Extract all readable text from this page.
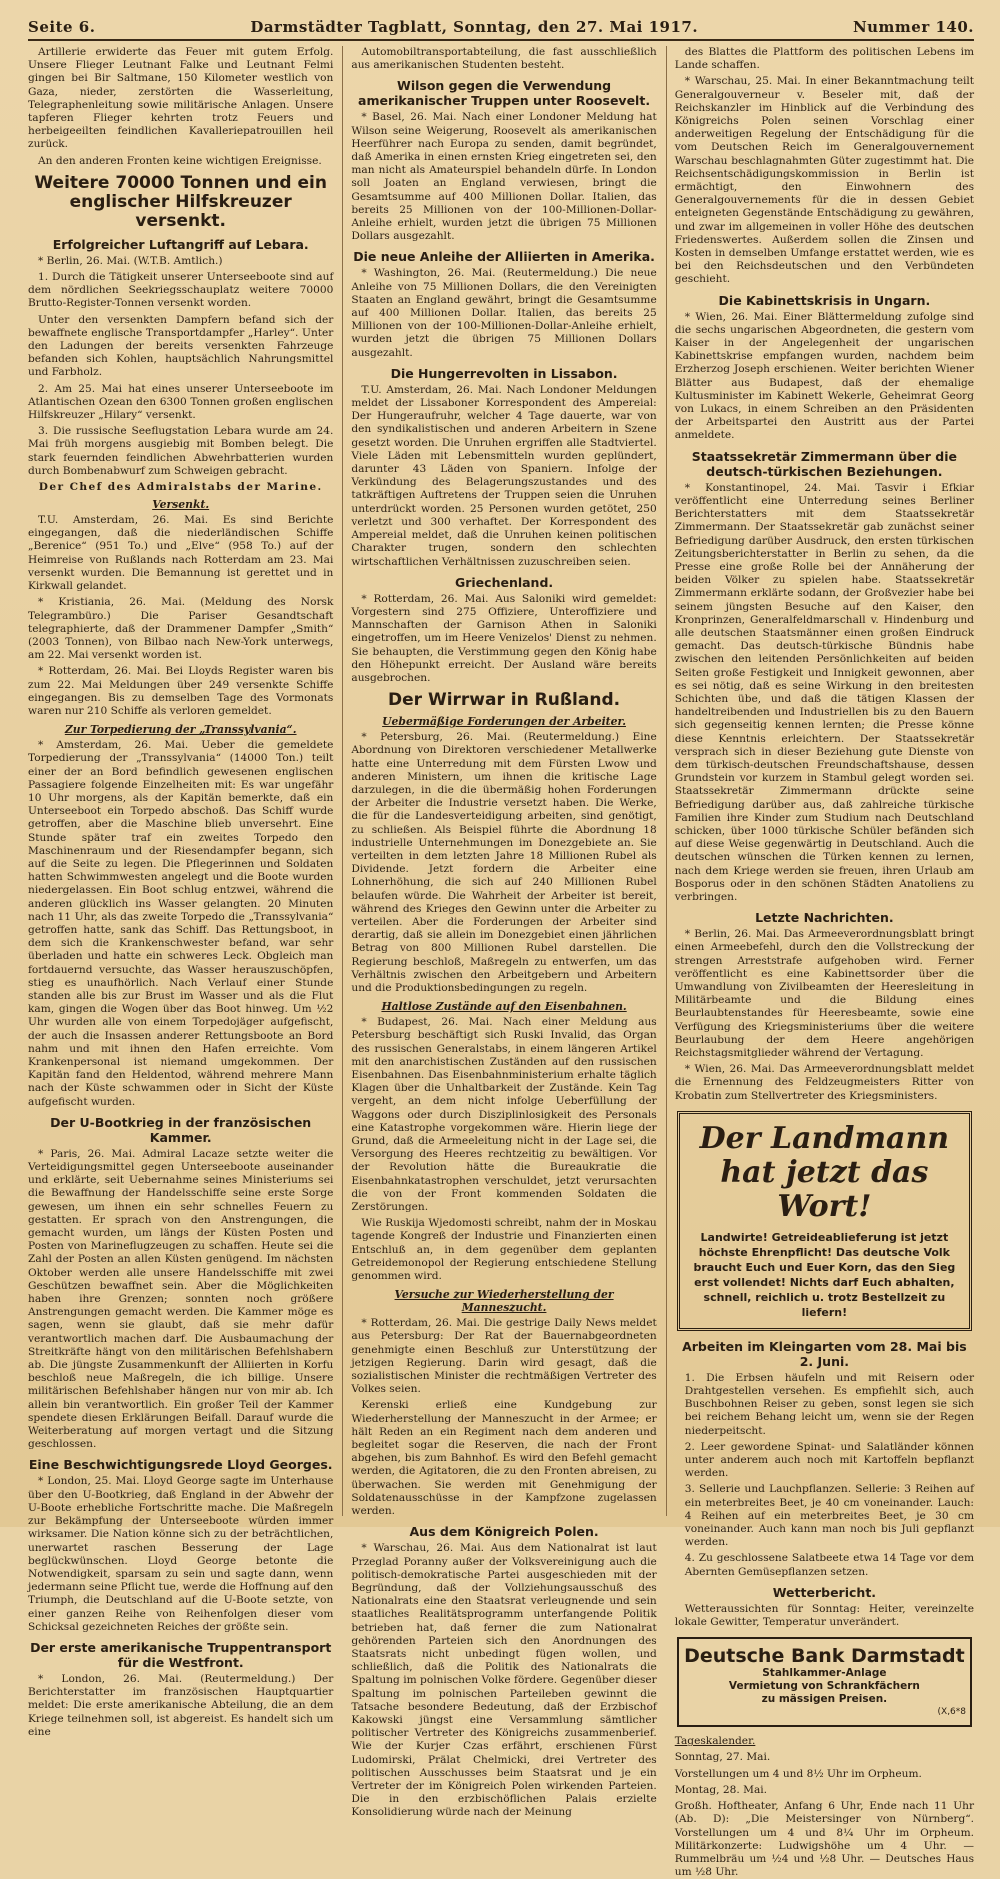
Seite 6.	Darmstädter Tagblatt, Sonntag, den 27. Mai 1917.	Nummer 140.

Artillerie erwiderte das Feuer mit gutem Erfolg. Unsere Flieger Leutnant Falke und Leutnant Felmi gingen bei Bir Saltmane, 150 Kilometer westlich von Gaza, nieder, zerstörten die Wasserleitung, Telegraphenleitung sowie militärische Anlagen. Unsere tapferen Flieger kehrten trotz Feuers und herbeigeeilten feindlichen Kavalleriepatrouillen heil zurück.

An den anderen Fronten keine wichtigen Ereignisse.

Weitere 70000 Tonnen und ein englischer Hilfskreuzer versenkt.
Erfolgreicher Luftangriff auf Lebara.

* Berlin, 26. Mai. (W.T.B. Amtlich.)

1. Durch die Tätigkeit unserer Unterseeboote sind auf dem nördlichen Seekriegsschauplatz weitere 70000 Brutto-Register-Tonnen versenkt worden.

Unter den versenkten Dampfern befand sich der bewaffnete englische Transportdampfer „Harley“. Unter den Ladungen der bereits versenkten Fahrzeuge befanden sich Kohlen, hauptsächlich Nahrungsmittel und Farbholz.

2. Am 25. Mai hat eines unserer Unterseeboote im Atlantischen Ozean den 6300 Tonnen großen englischen Hilfskreuzer „Hilary“ versenkt.

3. Die russische Seeflugstation Lebara wurde am 24. Mai früh morgens ausgiebig mit Bomben belegt. Die stark feuernden feindlichen Abwehrbatterien wurden durch Bombenabwurf zum Schweigen gebracht.

Der Chef des Admiralstabs der Marine.
Versenkt.

T.U. Amsterdam, 26. Mai. Es sind Berichte eingegangen, daß die niederländischen Schiffe „Berenice“ (951 To.) und „Elve“ (958 To.) auf der Heimreise von Rußlands nach Rotterdam am 23. Mai versenkt wurden. Die Bemannung ist gerettet und in Kirkwall gelandet.

* Kristiania, 26. Mai. (Meldung des Norsk Telegrambüro.) Die Pariser Gesandtschaft telegraphierte, daß der Drammener Dampfer „Smith“ (2003 Tonnen), von Bilbao nach New-York unterwegs, am 22. Mai versenkt worden ist.

* Rotterdam, 26. Mai. Bei Lloyds Register waren bis zum 22. Mai Meldungen über 249 versenkte Schiffe eingegangen. Bis zu demselben Tage des Vormonats waren nur 210 Schiffe als verloren gemeldet.

Zur Torpedierung der „Transsylvania“.

* Amsterdam, 26. Mai. Ueber die gemeldete Torpedierung der „Transsylvania“ (14000 Ton.) teilt einer der an Bord befindlich gewesenen englischen Passagiere folgende Einzelheiten mit: Es war ungefähr 10 Uhr morgens, als der Kapitän bemerkte, daß ein Unterseeboot ein Torpedo abschoß. Das Schiff wurde getroffen, aber die Maschine blieb unversehrt. Eine Stunde später traf ein zweites Torpedo den Maschinenraum und der Riesendampfer begann, sich auf die Seite zu legen. Die Pflegerinnen und Soldaten hatten Schwimmwesten angelegt und die Boote wurden niedergelassen. Ein Boot schlug entzwei, während die anderen glücklich ins Wasser gelangten. 20 Minuten nach 11 Uhr, als das zweite Torpedo die „Transsylvania“ getroffen hatte, sank das Schiff. Das Rettungsboot, in dem sich die Krankenschwester befand, war sehr überladen und hatte ein schweres Leck. Obgleich man fortdauernd versuchte, das Wasser herauszuschöpfen, stieg es unaufhörlich. Nach Verlauf einer Stunde standen alle bis zur Brust im Wasser und als die Flut kam, gingen die Wogen über das Boot hinweg. Um ½2 Uhr wurden alle von einem Torpedojäger aufgefischt, der auch die Insassen anderer Rettungsboote an Bord nahm und mit ihnen den Hafen erreichte. Vom Krankenpersonal ist niemand umgekommen. Der Kapitän fand den Heldentod, während mehrere Mann nach der Küste schwammen oder in Sicht der Küste aufgefischt wurden.

Der U-Bootkrieg in der französischen Kammer.

* Paris, 26. Mai. Admiral Lacaze setzte weiter die Verteidigungsmittel gegen Unterseeboote auseinander und erklärte, seit Uebernahme seines Ministeriums sei die Bewaffnung der Handelsschiffe seine erste Sorge gewesen, um ihnen ein sehr schnelles Feuern zu gestatten. Er sprach von den Anstrengungen, die gemacht wurden, um längs der Küsten Posten und Posten von Marineflugzeugen zu schaffen. Heute sei die Zahl der Posten an allen Küsten genügend. Im nächsten Oktober werden alle unsere Handelsschiffe mit zwei Geschützen bewaffnet sein. Aber die Möglichkeiten haben ihre Grenzen; sonnten noch größere Anstrengungen gemacht werden. Die Kammer möge es sagen, wenn sie glaubt, daß sie mehr dafür verantwortlich machen darf. Die Ausbaumachung der Streitkräfte hängt von den militärischen Befehlshabern ab. Die jüngste Zusammenkunft der Alliierten in Korfu beschloß neue Maßregeln, die ich billige. Unsere militärischen Befehlshaber hängen nur von mir ab. Ich allein bin verantwortlich. Ein großer Teil der Kammer spendete diesen Erklärungen Beifall. Darauf wurde die Weiterberatung auf morgen vertagt und die Sitzung geschlossen.

Eine Beschwichtigungsrede Lloyd Georges.

* London, 25. Mai. Lloyd George sagte im Unterhause über den U-Bootkrieg, daß England in der Abwehr der U-Boote erhebliche Fortschritte mache. Die Maßregeln zur Bekämpfung der Unterseeboote würden immer wirksamer. Die Nation könne sich zu der beträchtlichen, unerwartet raschen Besserung der Lage beglückwünschen. Lloyd George betonte die Notwendigkeit, sparsam zu sein und sagte dann, wenn jedermann seine Pflicht tue, werde die Hoffnung auf den Triumph, die Deutschland auf die U-Boote setzte, von einer ganzen Reihe von Reihenfolgen dieser vom Schicksal gezeichneten Reiches der größte sein.

Der erste amerikanische Truppentransport für die Westfront.

* London, 26. Mai. (Reutermeldung.) Der Berichterstatter im französischen Hauptquartier meldet: Die erste amerikanische Abteilung, die an dem Kriege teilnehmen soll, ist abgereist. Es handelt sich um eine

Automobiltransportabteilung, die fast ausschließlich aus amerikanischen Studenten besteht.

Wilson gegen die Verwendung amerikanischer Truppen unter Roosevelt.

* Basel, 26. Mai. Nach einer Londoner Meldung hat Wilson seine Weigerung, Roosevelt als amerikanischen Heerführer nach Europa zu senden, damit begründet, daß Amerika in einen ernsten Krieg eingetreten sei, den man nicht als Amateurspiel behandeln dürfe. In London soll Joaten an England verwiesen, bringt die Gesamtsumme auf 400 Millionen Dollar. Italien, das bereits 25 Millionen von der 100-Millionen-Dollar-Anleihe erhielt, wurden jetzt die übrigen 75 Millionen Dollars ausgezahlt.

Die neue Anleihe der Alliierten in Amerika.

* Washington, 26. Mai. (Reutermeldung.) Die neue Anleihe von 75 Millionen Dollars, die den Vereinigten Staaten an England gewährt, bringt die Gesamtsumme auf 400 Millionen Dollar. Italien, das bereits 25 Millionen von der 100-Millionen-Dollar-Anleihe erhielt, wurden jetzt die übrigen 75 Millionen Dollars ausgezahlt.

Die Hungerrevolten in Lissabon.

T.U. Amsterdam, 26. Mai. Nach Londoner Meldungen meldet der Lissaboner Korrespondent des Ampereial: Der Hungeraufruhr, welcher 4 Tage dauerte, war von den syndikalistischen und anderen Arbeitern in Szene gesetzt worden. Die Unruhen ergriffen alle Stadtviertel. Viele Läden mit Lebensmitteln wurden geplündert, darunter 43 Läden von Spaniern. Infolge der Verkündung des Belagerungszustandes und des tatkräftigen Auftretens der Truppen seien die Unruhen unterdrückt worden. 25 Personen wurden getötet, 250 verletzt und 300 verhaftet. Der Korrespondent des Ampereial meldet, daß die Unruhen keinen politischen Charakter trugen, sondern den schlechten wirtschaftlichen Verhältnissen zuzuschreiben seien.

Griechenland.

* Rotterdam, 26. Mai. Aus Saloniki wird gemeldet: Vorgestern sind 275 Offiziere, Unteroffiziere und Mannschaften der Garnison Athen in Saloniki eingetroffen, um im Heere Venizelos' Dienst zu nehmen. Sie behaupten, die Verstimmung gegen den König habe den Höhepunkt erreicht. Der Ausland wäre bereits ausgebrochen.

Der Wirrwar in Rußland.
Uebermäßige Forderungen der Arbeiter.

* Petersburg, 26. Mai. (Reutermeldung.) Eine Abordnung von Direktoren verschiedener Metallwerke hatte eine Unterredung mit dem Fürsten Lwow und anderen Ministern, um ihnen die kritische Lage darzulegen, in die die übermäßig hohen Forderungen der Arbeiter die Industrie versetzt haben. Die Werke, die für die Landesverteidigung arbeiten, sind genötigt, zu schließen. Als Beispiel führte die Abordnung 18 industrielle Unternehmungen im Donezgebiete an. Sie verteilten in dem letzten Jahre 18 Millionen Rubel als Dividende. Jetzt fordern die Arbeiter eine Lohnerhöhung, die sich auf 240 Millionen Rubel belaufen würde. Die Wahrheit der Arbeiter ist bereit, während des Krieges den Gewinn unter die Arbeiter zu verteilen. Aber die Forderungen der Arbeiter sind derartig, daß sie allein im Donezgebiet einen jährlichen Betrag von 800 Millionen Rubel darstellen. Die Regierung beschloß, Maßregeln zu entwerfen, um das Verhältnis zwischen den Arbeitgebern und Arbeitern und die Produktionsbedingungen zu regeln.

Haltlose Zustände auf den Eisenbahnen.

* Budapest, 26. Mai. Nach einer Meldung aus Petersburg beschäftigt sich Ruski Invalid, das Organ des russischen Generalstabs, in einem längeren Artikel mit den anarchistischen Zuständen auf den russischen Eisenbahnen. Das Eisenbahnministerium erhalte täglich Klagen über die Unhaltbarkeit der Zustände. Kein Tag vergeht, an dem nicht infolge Ueberfüllung der Waggons oder durch Disziplinlosigkeit des Personals eine Katastrophe vorgekommen wäre. Hierin liege der Grund, daß die Armeeleitung nicht in der Lage sei, die Versorgung des Heeres rechtzeitig zu bewältigen. Vor der Revolution hätte die Bureaukratie die Eisenbahnkatastrophen verschuldet, jetzt verursachten die von der Front kommenden Soldaten die Zerstörungen.

Wie Ruskija Wjedomosti schreibt, nahm der in Moskau tagende Kongreß der Industrie und Finanzierten einen Entschluß an, in dem gegenüber dem geplanten Getreidemonopol der Regierung entschiedene Stellung genommen wird.

Versuche zur Wiederherstellung der Manneszucht.

* Rotterdam, 26. Mai. Die gestrige Daily News meldet aus Petersburg: Der Rat der Bauernabgeordneten genehmigte einen Beschluß zur Unterstützung der jetzigen Regierung. Darin wird gesagt, daß die sozialistischen Minister die rechtmäßigen Vertreter des Volkes seien.

Kerenski erließ eine Kundgebung zur Wiederherstellung der Manneszucht in der Armee; er hält Reden an ein Regiment nach dem anderen und begleitet sogar die Reserven, die nach der Front abgehen, bis zum Bahnhof. Es wird den Befehl gemacht werden, die Agitatoren, die zu den Fronten abreisen, zu überwachen. Sie werden mit Genehmigung der Soldatenausschüsse in der Kampfzone zugelassen werden.

Aus dem Königreich Polen.

* Warschau, 26. Mai. Aus dem Nationalrat ist laut Przeglad Poranny außer der Volksvereinigung auch die politisch-demokratische Partei ausgeschieden mit der Begründung, daß der Vollziehungsausschuß des Nationalrats eine den Staatsrat verleugnende und sein staatliches Realitätsprogramm unterfangende Politik betrieben hat, daß ferner die zum Nationalrat gehörenden Parteien sich den Anordnungen des Staatsrats nicht unbedingt fügen wollen, und schließlich, daß die Politik des Nationalrats die Spaltung im polnischen Volke fördere. Gegenüber dieser Spaltung im polnischen Parteileben gewinnt die Tatsache besondere Bedeutung, daß der Erzbischof Kakowski jüngst eine Versammlung sämtlicher politischer Vertreter des Königreichs zusammenberief. Wie der Kurjer Czas erfährt, erschienen Fürst Ludomirski, Prälat Chelmicki, drei Vertreter des politischen Ausschusses beim Staatsrat und je ein Vertreter der im Königreich Polen wirkenden Parteien. Die in den erzbischöflichen Palais erzielte Konsolidierung würde nach der Meinung

des Blattes die Plattform des politischen Lebens im Lande schaffen.

* Warschau, 25. Mai. In einer Bekanntmachung teilt Generalgouverneur v. Beseler mit, daß der Reichskanzler im Hinblick auf die Verbindung des Königreichs Polen seinen Vorschlag einer anderweitigen Regelung der Entschädigung für die vom Deutschen Reich im Generalgouvernement Warschau beschlagnahmten Güter zugestimmt hat. Die Reichsentschädigungskommission in Berlin ist ermächtigt, den Einwohnern des Generalgouvernements für die in dessen Gebiet enteigneten Gegenstände Entschädigung zu gewähren, und zwar im allgemeinen in voller Höhe des deutschen Friedenswertes. Außerdem sollen die Zinsen und Kosten in demselben Umfange erstattet werden, wie es bei den Reichsdeutschen und den Verbündeten geschieht.

Die Kabinettskrisis in Ungarn.

* Wien, 26. Mai. Einer Blättermeldung zufolge sind die sechs ungarischen Abgeordneten, die gestern vom Kaiser in der Angelegenheit der ungarischen Kabinettskrise empfangen wurden, nachdem beim Erzherzog Joseph erschienen. Weiter berichten Wiener Blätter aus Budapest, daß der ehemalige Kultusminister im Kabinett Wekerle, Geheimrat Georg von Lukacs, in einem Schreiben an den Präsidenten der Arbeitspartei den Austritt aus der Partei anmeldete.

Staatssekretär Zimmermann über die deutsch-türkischen Beziehungen.

* Konstantinopel, 24. Mai. Tasvir i Efkiar veröffentlicht eine Unterredung seines Berliner Berichterstatters mit dem Staatssekretär Zimmermann. Der Staatssekretär gab zunächst seiner Befriedigung darüber Ausdruck, den ersten türkischen Zeitungsberichterstatter in Berlin zu sehen, da die Presse eine große Rolle bei der Annäherung der beiden Völker zu spielen habe. Staatssekretär Zimmermann erklärte sodann, der Großvezier habe bei seinem jüngsten Besuche auf den Kaiser, den Kronprinzen, Generalfeldmarschall v. Hindenburg und alle deutschen Staatsmänner einen großen Eindruck gemacht. Das deutsch-türkische Bündnis habe zwischen den leitenden Persönlichkeiten auf beiden Seiten große Festigkeit und Innigkeit gewonnen, aber es sei nötig, daß es seine Wirkung in den breitesten Schichten übe, und daß die tätigen Klassen der handeltreibenden und Industriellen bis zu den Bauern sich gegenseitig kennen lernten; die Presse könne diese Kenntnis erleichtern. Der Staatssekretär versprach sich in dieser Beziehung gute Dienste von dem türkisch-deutschen Freundschaftshause, dessen Grundstein vor kurzem in Stambul gelegt worden sei. Staatssekretär Zimmermann drückte seine Befriedigung darüber aus, daß zahlreiche türkische Familien ihre Kinder zum Studium nach Deutschland schicken, über 1000 türkische Schüler befänden sich auf diese Weise gegenwärtig in Deutschland. Auch die deutschen wünschen die Türken kennen zu lernen, nach dem Kriege werden sie freuen, ihren Urlaub am Bosporus oder in den schönen Städten Anatoliens zu verbringen.

Letzte Nachrichten.

* Berlin, 26. Mai. Das Armeeverordnungsblatt bringt einen Armeebefehl, durch den die Vollstreckung der strengen Arreststrafe aufgehoben wird. Ferner veröffentlicht es eine Kabinettsorder über die Umwandlung von Zivilbeamten der Heeresleitung in Militärbeamte und die Bildung eines Beurlaubtenstandes für Heeresbeamte, sowie eine Verfügung des Kriegsministeriums über die weitere Beurlaubung der dem Heere angehörigen Reichstagsmitglieder während der Vertagung.

* Wien, 26. Mai. Das Armeeverordnungsblatt meldet die Ernennung des Feldzeugmeisters Ritter von Krobatin zum Stellvertreter des Kriegsministers.

Der Landmann hat jetzt das Wort!
Landwirte! Getreideablieferung ist jetzt höchste Ehrenpflicht! Das deutsche Volk braucht Euch und Euer Korn, das den Sieg erst vollendet! Nichts darf Euch abhalten, schnell, reichlich u. trotz Bestellzeit zu liefern!
Arbeiten im Kleingarten vom 28. Mai bis 2. Juni.

1. Die Erbsen häufeln und mit Reisern oder Drahtgestellen versehen. Es empfiehlt sich, auch Buschbohnen Reiser zu geben, sonst legen sie sich bei reichem Behang leicht um, wenn sie der Regen niederpeitscht.

2. Leer gewordene Spinat- und Salatländer können unter anderem auch noch mit Kartoffeln bepflanzt werden.

3. Sellerie und Lauchpflanzen. Sellerie: 3 Reihen auf ein meterbreites Beet, je 40 cm voneinander. Lauch: 4 Reihen auf ein meterbreites Beet, je 30 cm voneinander. Auch kann man noch bis Juli gepflanzt werden.

4. Zu geschlossene Salatbeete etwa 14 Tage vor dem Abernten Gemüsepflanzen setzen.

Wetterbericht.

Wetteraussichten für Sonntag: Heiter, vereinzelte lokale Gewitter, Temperatur unverändert.

Deutsche Bank Darmstadt
Stahlkammer-Anlage
Vermietung von Schrankfächern
zu mässigen Preisen.
(X,6*8

Tageskalender.

Sonntag, 27. Mai.

Vorstellungen um 4 und 8½ Uhr im Orpheum.

Montag, 28. Mai.

Großh. Hoftheater, Anfang 6 Uhr, Ende nach 11 Uhr (Ab. D): „Die Meistersinger von Nürnberg“. Vorstellungen um 4 und 8¼ Uhr im Orpheum. Militärkonzerte: Ludwigshöhe um 4 Uhr. — Rummelbräu um ½4 und ½8 Uhr. — Deutsches Haus um ½8 Uhr.
